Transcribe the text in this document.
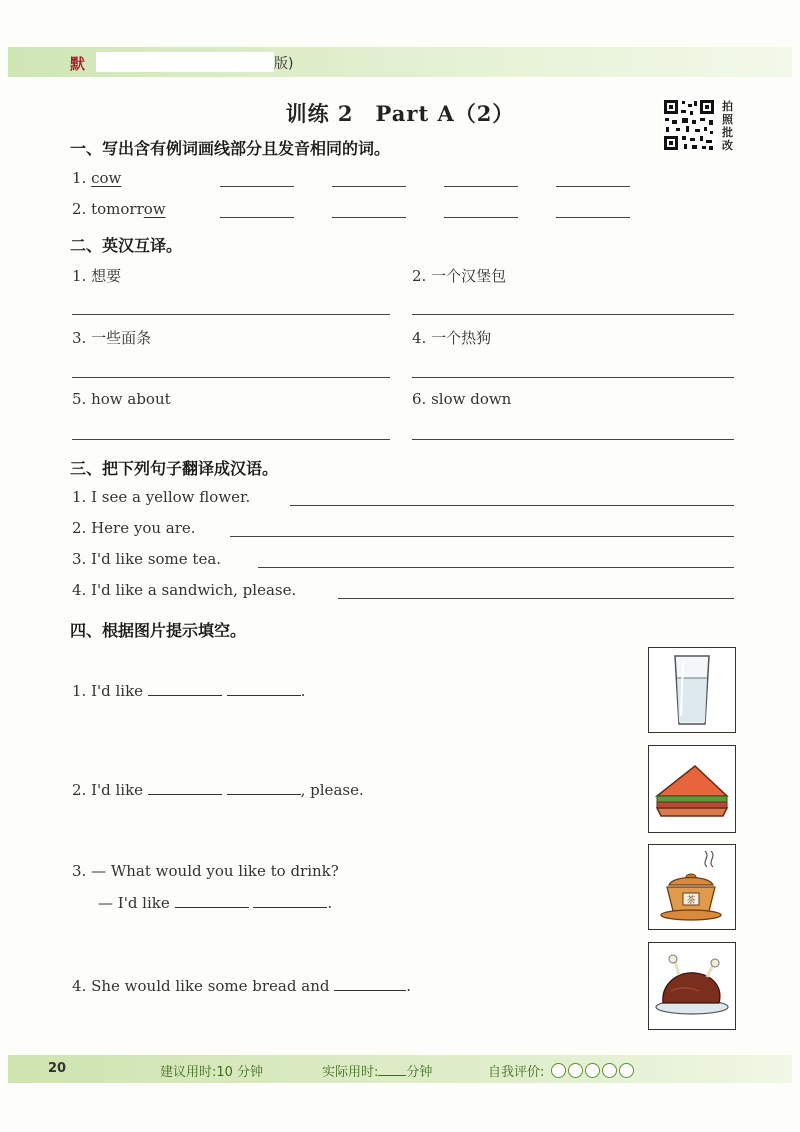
默	版)
训练 2　Part A（2）	拍照批改
一、写出含有例词画线部分且发音相同的词。
1. cow
2. tomorrow
二、英汉互译。
1. 想要	2. 一个汉堡包
3. 一些面条	4. 一个热狗
5. how about	6. slow down
三、把下列句子翻译成汉语。
1. I see a yellow flower.
2. Here you are.
3. I'd like some tea.
4. I'd like a sandwich, please.
四、根据图片提示填空。
1. I'd like	.
2. I'd like	, please.
3. — What would you like to drink?
— I'd like	.	茶
4. She would like some bread and	.
20	建议用时:10 分钟	实际用时: 分钟	自我评价:
